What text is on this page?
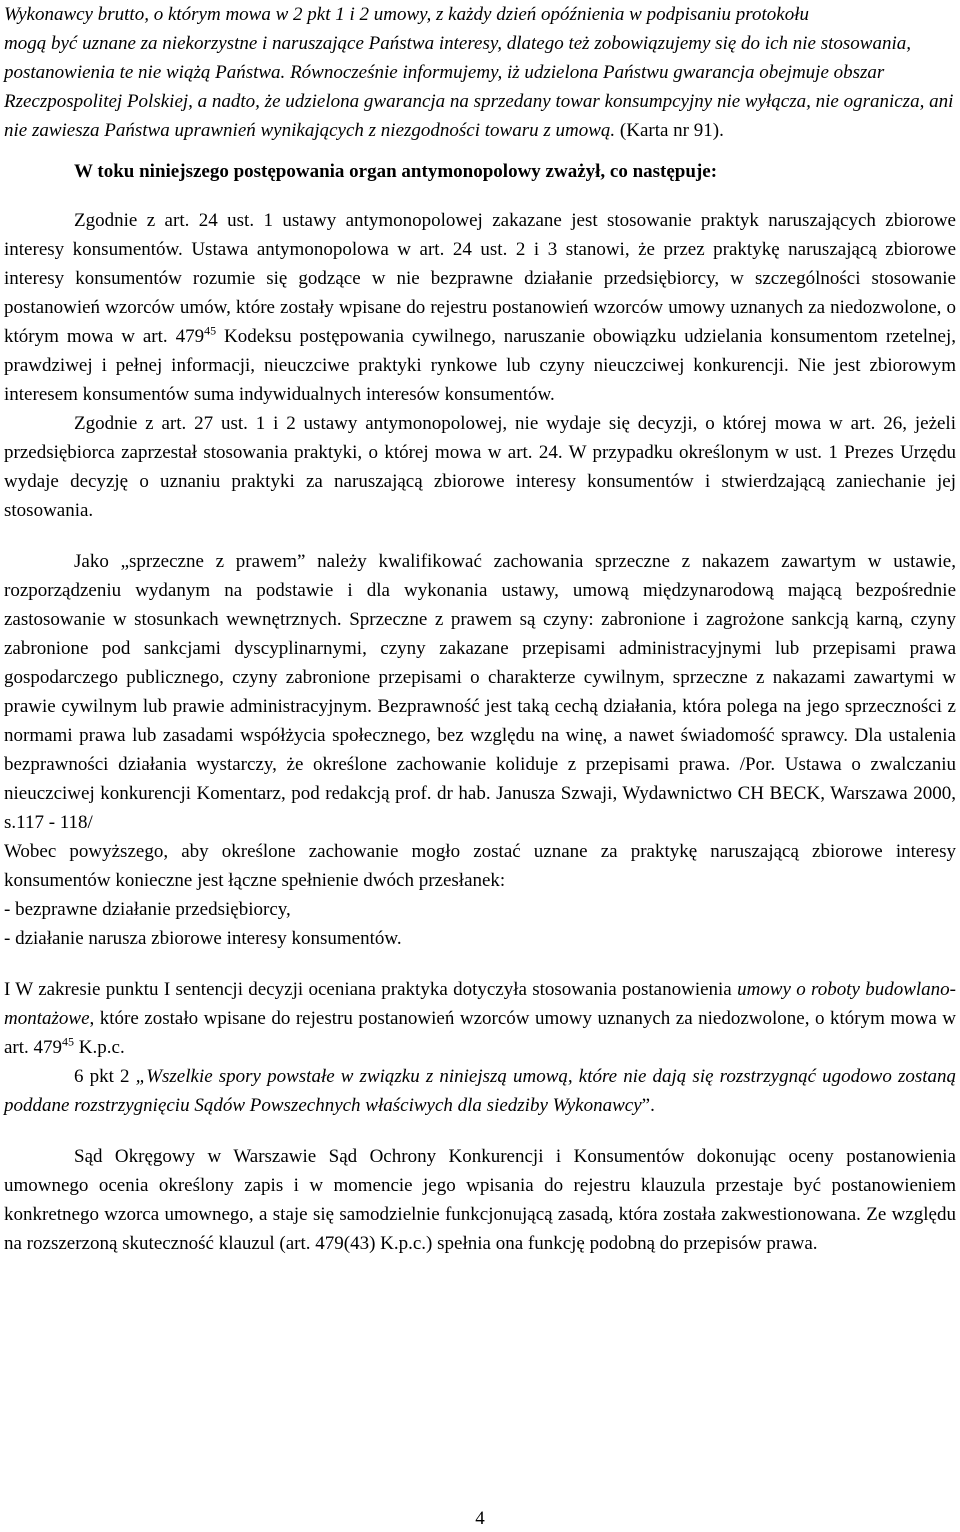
Wykonawcy brutto, o którym mowa w 2 pkt 1 i 2 umowy, z każdy dzień opóźnienia w podpisaniu protokołu
mogą być uznane za niekorzystne i naruszające Państwa interesy, dlatego też zobowiązujemy się do ich nie stosowania, postanowienia te nie wiążą Państwa. Równocześnie informujemy, iż udzielona Państwu gwarancja obejmuje obszar Rzeczpospolitej Polskiej, a nadto, że udzielona gwarancja na sprzedany towar konsumpcyjny nie wyłącza, nie ogranicza, ani nie zawiesza Państwa uprawnień wynikających z niezgodności towaru z umową. (Karta nr 91).

W toku niniejszego postępowania organ antymonopolowy zważył, co następuje:

Zgodnie z art. 24 ust. 1 ustawy antymonopolowej zakazane jest stosowanie praktyk naruszających zbiorowe interesy konsumentów. Ustawa antymonopolowa w art. 24 ust. 2 i 3 stanowi, że przez praktykę naruszającą zbiorowe interesy konsumentów rozumie się godzące w nie bezprawne działanie przedsiębiorcy, w szczególności stosowanie postanowień wzorców umów, które zostały wpisane do rejestru postanowień wzorców umowy uznanych za niedozwolone, o którym mowa w art. $479^{45}$ Kodeksu postępowania cywilnego, naruszanie obowiązku udzielania konsumentom rzetelnej, prawdziwej i pełnej informacji, nieuczciwe praktyki rynkowe lub czyny nieuczciwej konkurencji. Nie jest zbiorowym interesem konsumentów suma indywidualnych interesów konsumentów.

Zgodnie z art. 27 ust. 1 i 2 ustawy antymonopolowej, nie wydaje się decyzji, o której mowa w art. 26, jeżeli przedsiębiorca zaprzestał stosowania praktyki, o której mowa w art. 24. W przypadku określonym w ust. 1 Prezes Urzędu wydaje decyzję o uznaniu praktyki za naruszającą zbiorowe interesy konsumentów i stwierdzającą zaniechanie jej stosowania.

Jako „sprzeczne z prawem” należy kwalifikować zachowania sprzeczne z nakazem zawartym w ustawie, rozporządzeniu wydanym na podstawie i dla wykonania ustawy, umową międzynarodową mającą bezpośrednie zastosowanie w stosunkach wewnętrznych. Sprzeczne z prawem są czyny: zabronione i zagrożone sankcją karną, czyny zabronione pod sankcjami dyscyplinarnymi, czyny zakazane przepisami administracyjnymi lub przepisami prawa gospodarczego publicznego, czyny zabronione przepisami o charakterze cywilnym, sprzeczne z nakazami zawartymi w prawie cywilnym lub prawie administracyjnym. Bezprawność jest taką cechą działania, która polega na jego sprzeczności z normami prawa lub zasadami współżycia społecznego, bez względu na winę, a nawet świadomość sprawcy. Dla ustalenia bezprawności działania wystarczy, że określone zachowanie koliduje z przepisami prawa. /Por. Ustawa o zwalczaniu nieuczciwej konkurencji Komentarz, pod redakcją prof. dr hab. Janusza Szwaji, Wydawnictwo CH BECK, Warszawa 2000, s.117 - 118/

Wobec powyższego, aby określone zachowanie mogło zostać uznane za praktykę naruszającą zbiorowe interesy konsumentów konieczne jest łączne spełnienie dwóch przesłanek:

- bezprawne działanie przedsiębiorcy,

- działanie narusza zbiorowe interesy konsumentów.

I W zakresie punktu I sentencji decyzji oceniana praktyka dotyczyła stosowania postanowienia umowy o roboty budowlano-montażowe, które zostało wpisane do rejestru postanowień wzorców umowy uznanych za niedozwolone, o którym mowa w art. $479^{45}$ K.p.c.

6 pkt 2 „Wszelkie spory powstałe w związku z niniejszą umową, które nie dają się rozstrzygnąć ugodowo zostaną poddane rozstrzygnięciu Sądów Powszechnych właściwych dla siedziby Wykonawcy”.

Sąd Okręgowy w Warszawie Sąd Ochrony Konkurencji i Konsumentów dokonując oceny postanowienia umownego ocenia określony zapis i w momencie jego wpisania do rejestru klauzula przestaje być postanowieniem konkretnego wzorca umownego, a staje się samodzielnie funkcjonującą zasadą, która została zakwestionowana. Ze względu na rozszerzoną skuteczność klauzul (art. 479(43) K.p.c.) spełnia ona funkcję podobną do przepisów prawa.

4
